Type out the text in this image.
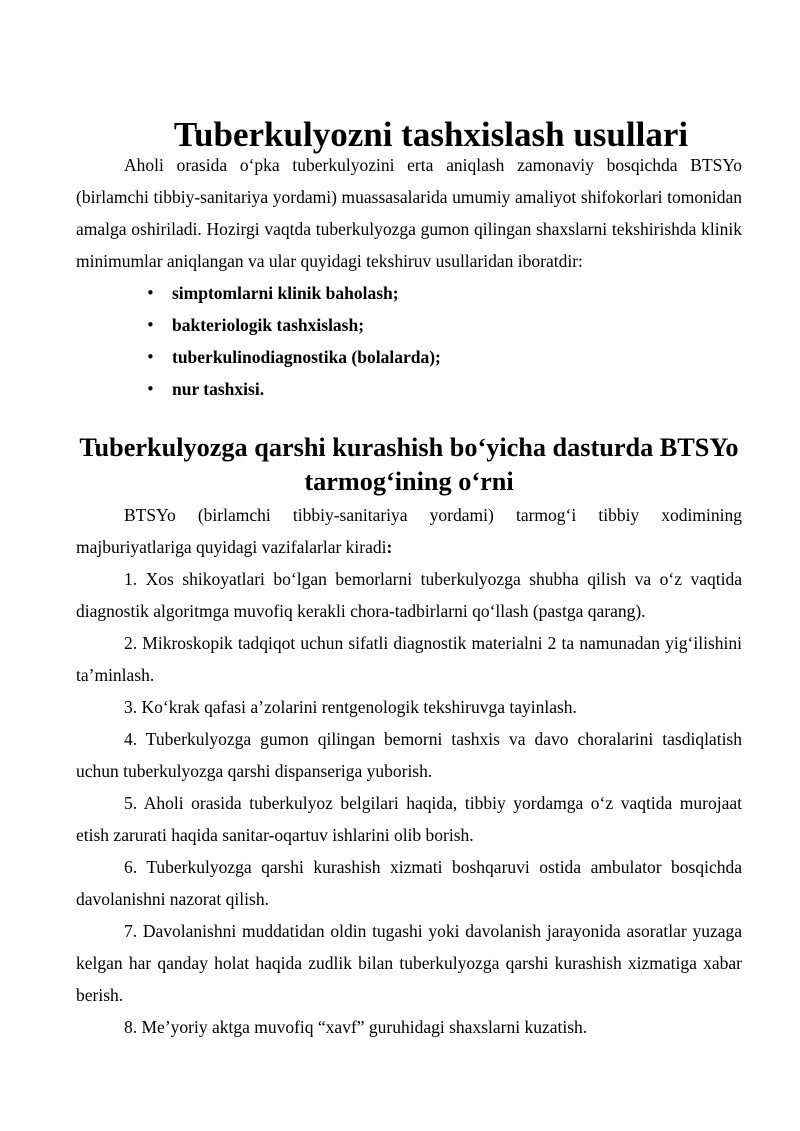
Tuberkulyozni tashxislash usullari

Aholi orasida o‘pka tuberkulyozini erta aniqlash zamonaviy bosqichda BTSYo (birlamchi tibbiy-sanitariya yordami) muassasalarida umumiy amaliyot shifokorlari tomonidan amalga oshiriladi. Hozirgi vaqtda tuberkulyozga gumon qilingan shaxslarni tekshirishda klinik minimumlar aniqlangan va ular quyidagi tekshiruv usullaridan iboratdir:

• simptomlarni klinik baholash;
• bakteriologik tashxislash;
• tuberkulinodiagnostika (bolalarda);
• nur tashxisi.
Tuberkulyozga qarshi kurashish bo‘yicha dasturda BTSYo tarmog‘ining o‘rni

BTSYo (birlamchi tibbiy-sanitariya yordami) tarmog‘i tibbiy xodimining majburiyatlariga quyidagi vazifalarlar kiradi:

1. Xos shikoyatlari bo‘lgan bemorlarni tuberkulyozga shubha qilish va o‘z vaqtida diagnostik algoritmga muvofiq kerakli chora-tadbirlarni qo‘llash (pastga qarang).

2. Mikroskopik tadqiqot uchun sifatli diagnostik materialni 2 ta namunadan yig‘ilishini ta’minlash.

3. Ko‘krak qafasi a’zolarini rentgenologik tekshiruvga tayinlash.

4. Tuberkulyozga gumon qilingan bemorni tashxis va davo choralarini tasdiqlatish uchun tuberkulyozga qarshi dispanseriga yuborish.

5. Aholi orasida tuberkulyoz belgilari haqida, tibbiy yordamga o‘z vaqtida murojaat etish zarurati haqida sanitar-oqartuv ishlarini olib borish.

6. Tuberkulyozga qarshi kurashish xizmati boshqaruvi ostida ambulator bosqichda davolanishni nazorat qilish.

7. Davolanishni muddatidan oldin tugashi yoki davolanish jarayonida asoratlar yuzaga kelgan har qanday holat haqida zudlik bilan tuberkulyozga qarshi kurashish xizmatiga xabar berish.

8. Me’yoriy aktga muvofiq “xavf” guruhidagi shaxslarni kuzatish.
